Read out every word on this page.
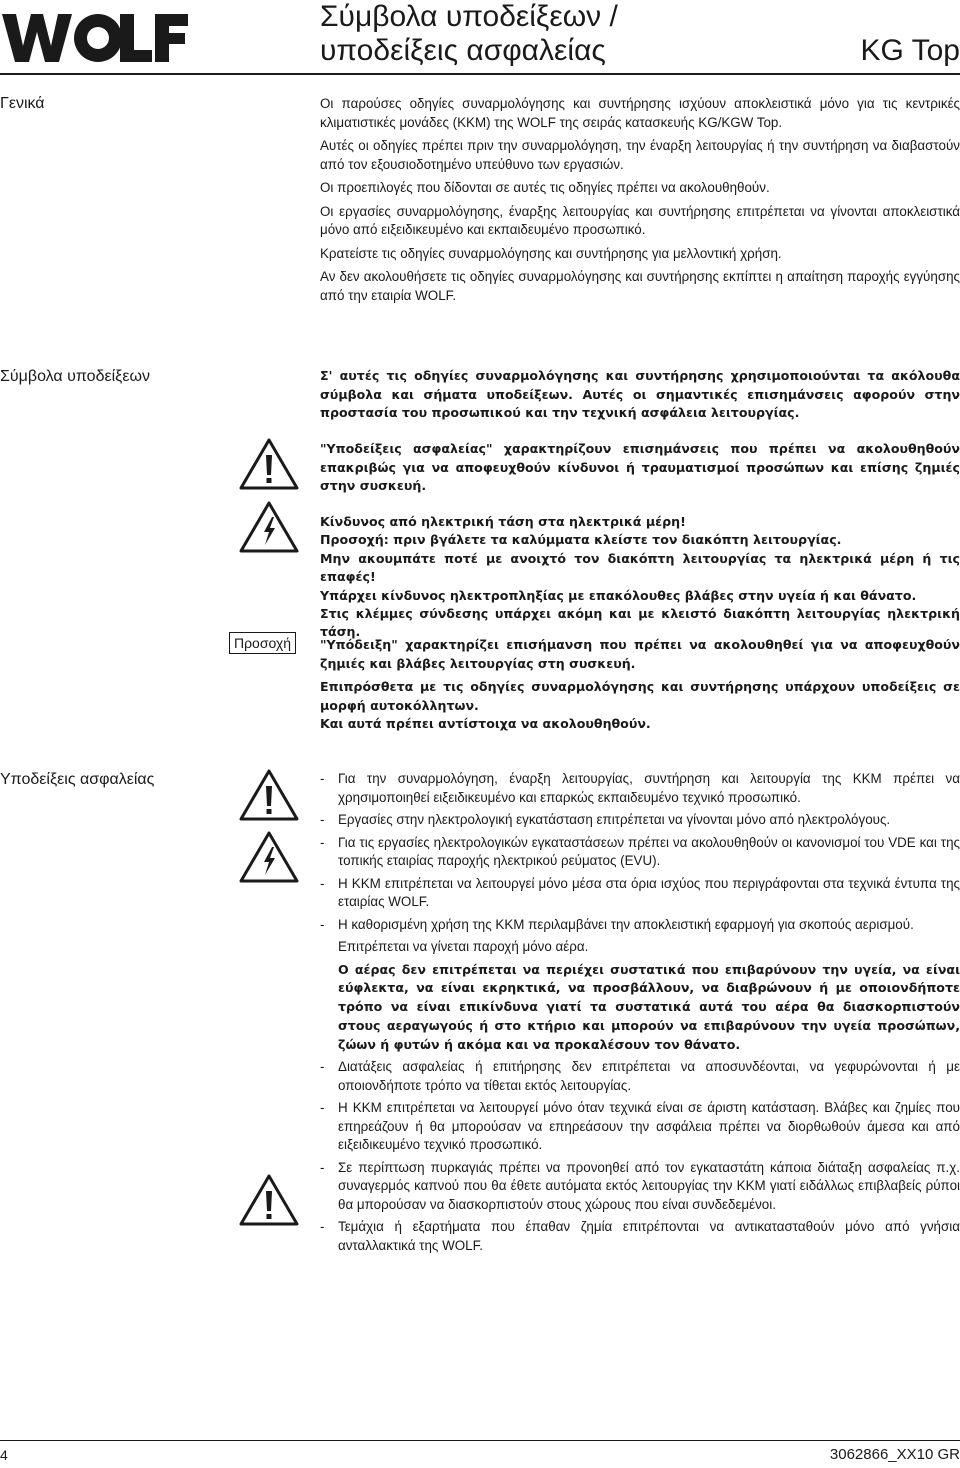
Σύμβολα υποδείξεων /
υποδείξεις ασφαλείας	KG Top
Γενικά	Οι παρούσες οδηγίες συναρμολόγησης και συντήρησης ισχύουν αποκλειστικά μόνο για τις κεντρικές κλιματιστικές μονάδες (ΚΚΜ) της WOLF της σειράς κατασκευής KG/KGW Top.

Αυτές οι οδηγίες πρέπει πριν την συναρμολόγηση, την έναρξη λειτουργίας ή την συντήρηση να διαβαστούν από τον εξουσιοδοτημένο υπεύθυνο των εργασιών.

Οι προεπιλογές που δίδονται σε αυτές τις οδηγίες πρέπει να ακολουθηθούν.

Οι εργασίες συναρμολόγησης, έναρξης λειτουργίας και συντήρησης επιτρέπεται να γίνονται αποκλειστικά μόνο από ειξειδικευμένο και εκπαιδευμένο προσωπικό.

Κρατείστε τις οδηγίες συναρμολόγησης και συντήρησης για μελλοντική χρήση.

Αν δεν ακολουθήσετε τις οδηγίες συναρμολόγησης και συντήρησης εκπίπτει η απαίτηση παροχής εγγύησης από την εταιρία WOLF.

Σύμβολα υποδείξεων	Σ' αυτές τις οδηγίες συναρμολόγησης και συντήρησης χρησιμοποιούνται τα ακόλουθα σύμβολα και σήματα υποδείξεων. Αυτές οι σημαντικές επισημάνσεις αφορούν στην προστασία του προσωπικού και την τεχνική ασφάλεια λειτουργίας.

"Υποδείξεις ασφαλείας" χαρακτηρίζουν επισημάνσεις που πρέπει να ακολουθηθούν επακριβώς για να αποφευχθούν κίνδυνοι ή τραυματισμοί προσώπων και επίσης ζημιές στην συσκευή.

Κίνδυνος από ηλεκτρική τάση στα ηλεκτρικά μέρη!
Προσοχή: πριν βγάλετε τα καλύμματα κλείστε τον διακόπτη λειτουργίας.
Μην ακουμπάτε ποτέ με ανοιχτό τον διακόπτη λειτουργίας τα ηλεκτρικά μέρη ή τις επαφές!
Υπάρχει κίνδυνος ηλεκτροπληξίας με επακόλουθες βλάβες στην υγεία ή και θάνατο.
Στις κλέμμες σύνδεσης υπάρχει ακόμη και με κλειστό διακόπτη λειτουργίας ηλεκτρική τάση.
Προσοχή	"Υπόδειξη" χαρακτηρίζει επισήμανση που πρέπει να ακολουθηθεί για να αποφευχθούν ζημιές και βλάβες λειτουργίας στη συσκευή.

Επιπρόσθετα με τις οδηγίες συναρμολόγησης και συντήρησης υπάρχουν υποδείξεις σε μορφή αυτοκόλλητων.

Και αυτά πρέπει αντίστοιχα να ακολουθηθούν.

Υποδείξεις ασφαλείας	- Για την συναρμολόγηση, έναρξη λειτουργίας, συντήρηση και λειτουργία της ΚΚΜ πρέπει να χρησιμοποιηθεί ειξειδικευμένο και επαρκώς εκπαιδευμένο τεχνικό προσωπικό.
- Εργασίες στην ηλεκτρολογική εγκατάσταση επιτρέπεται να γίνονται μόνο από ηλεκτρολόγους.
- Για τις εργασίες ηλεκτρολογικών εγκαταστάσεων πρέπει να ακολουθηθούν οι κανονισμοί του VDE και της τοπικής εταιρίας παροχής ηλεκτρικού ρεύματος (EVU).
- Η ΚΚΜ επιτρέπεται να λειτουργεί μόνο μέσα στα όρια ισχύος που περιγράφονται στα τεχνικά έντυπα της εταιρίας WOLF.
- Η καθορισμένη χρήση της ΚΚΜ περιλαμβάνει την αποκλειστική εφαρμογή για σκοπούς αερισμού.
Επιτρέπεται να γίνεται παροχή μόνο αέρα.
Ο αέρας δεν επιτρέπεται να περιέχει συστατικά που επιβαρύνουν την υγεία, να είναι εύφλεκτα, να είναι εκρηκτικά, να προσβάλλουν, να διαβρώνουν ή με οποιονδήποτε τρόπο να είναι επικίνδυνα γιατί τα συστατικά αυτά του αέρα θα διασκορπιστούν στους αεραγωγούς ή στο κτήριο και μπορούν να επιβαρύνουν την υγεία προσώπων, ζώων ή φυτών ή ακόμα και να προκαλέσουν τον θάνατο.
- Διατάξεις ασφαλείας ή επιτήρησης δεν επιτρέπεται να αποσυνδέονται, να γεφυρώνονται ή με οποιονδήποτε τρόπο να τίθεται εκτός λειτουργίας.
- Η ΚΚΜ επιτρέπεται να λειτουργεί μόνο όταν τεχνικά είναι σε άριστη κατάσταση. Βλάβες και ζημίες που επηρεάζουν ή θα μπορούσαν να επηρεάσουν την ασφάλεια πρέπει να διορθωθούν άμεσα και από ειξειδικευμένο τεχνικό προσωπικό.
- Σε περίπτωση πυρκαγιάς πρέπει να προνοηθεί από τον εγκαταστάτη κάποια διάταξη ασφαλείας π.χ. συναγερμός καπνού που θα έθετε αυτόματα εκτός λειτουργίας την ΚΚΜ γιατί ειδάλλως επιβλαβείς ρύποι θα μπορούσαν να διασκορπιστούν στους χώρους που είναι συνδεδεμένοι.
- Τεμάχια ή εξαρτήματα που έπαθαν ζημία επιτρέπονται να αντικατασταθούν μόνο από γνήσια ανταλλακτικά της WOLF.
4	3062866_XX10 GR
